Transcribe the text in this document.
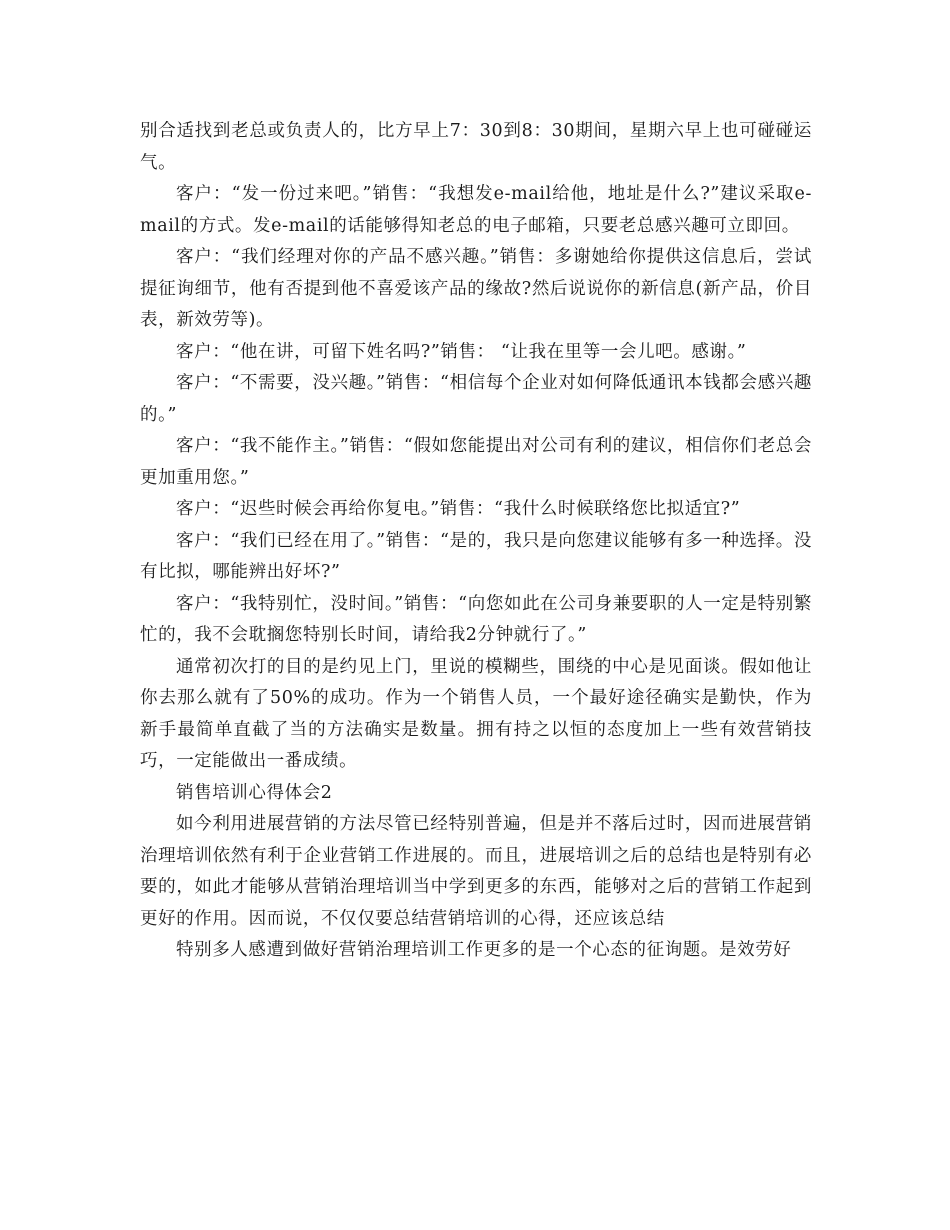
别合适找到老总或负责人的，比方早上7：30到8：30期间，星期六早上也可碰碰运气。

客户：“发一份过来吧。”销售：“我想发e-mail给他，地址是什么?”建议采取e-mail的方式。发e-mail的话能够得知老总的电子邮箱，只要老总感兴趣可立即回。

客户：“我们经理对你的产品不感兴趣。”销售：多谢她给你提供这信息后，尝试提征询细节，他有否提到他不喜爱该产品的缘故?然后说说你的新信息(新产品，价目表，新效劳等)。

客户：“他在讲，可留下姓名吗?”销售： “让我在里等一会儿吧。感谢。”

客户：“不需要，没兴趣。”销售：“相信每个企业对如何降低通讯本钱都会感兴趣的。”

客户：“我不能作主。”销售：“假如您能提出对公司有利的建议，相信你们老总会更加重用您。”

客户：“迟些时候会再给你复电。”销售：“我什么时候联络您比拟适宜?”

客户：“我们已经在用了。”销售：“是的，我只是向您建议能够有多一种选择。没有比拟，哪能辨出好坏?”

客户：“我特别忙，没时间。”销售：“向您如此在公司身兼要职的人一定是特别繁忙的，我不会耽搁您特别长时间，请给我2分钟就行了。”

通常初次打的目的是约见上门，里说的模糊些，围绕的中心是见面谈。假如他让你去那么就有了50%的成功。作为一个销售人员，一个最好途径确实是勤快，作为新手最简单直截了当的方法确实是数量。拥有持之以恒的态度加上一些有效营销技巧，一定能做出一番成绩。

销售培训心得体会2

如今利用进展营销的方法尽管已经特别普遍，但是并不落后过时，因而进展营销治理培训依然有利于企业营销工作进展的。而且，进展培训之后的总结也是特别有必要的，如此才能够从营销治理培训当中学到更多的东西，能够对之后的营销工作起到更好的作用。因而说，不仅仅要总结营销培训的心得，还应该总结

特别多人感遭到做好营销治理培训工作更多的是一个心态的征询题。是效劳好
